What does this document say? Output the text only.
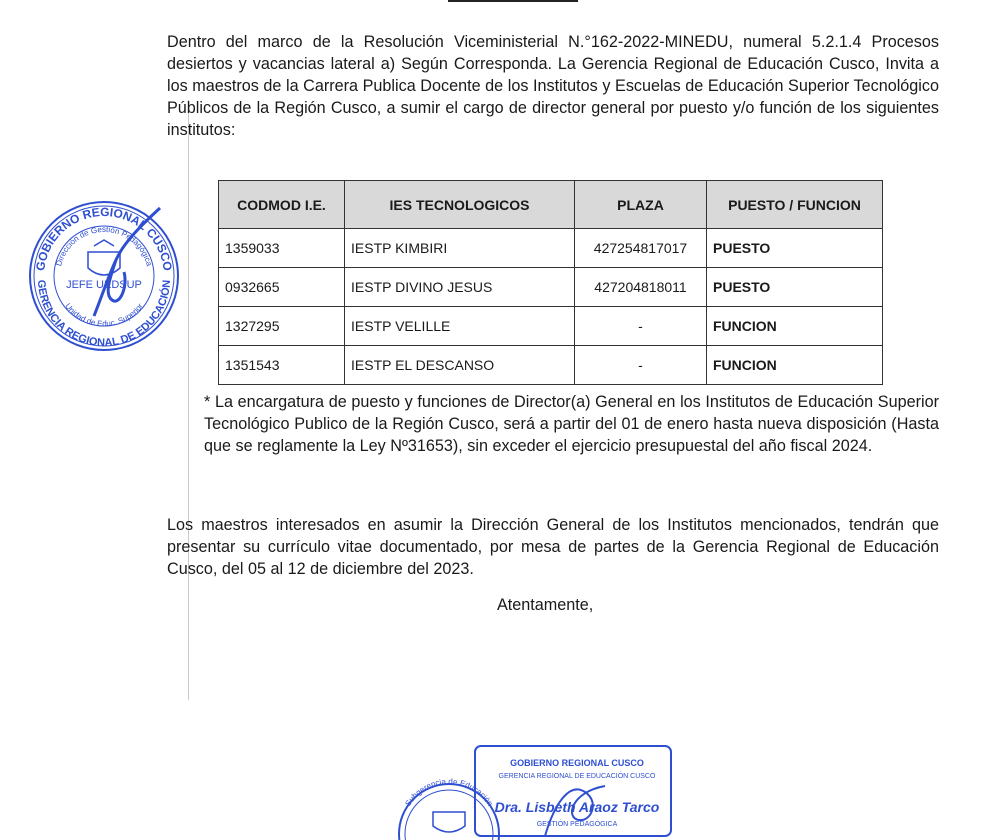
Dentro del marco de la Resolución Viceministerial N.°162-2022-MINEDU, numeral 5.2.1.4 Procesos desiertos y vacancias lateral a) Según Corresponda. La Gerencia Regional de Educación Cusco, Invita a los maestros de la Carrera Publica Docente de los Institutos y Escuelas de Educación Superior Tecnológico Públicos de la Región Cusco, a sumir el cargo de director general por puesto y/o función de los siguientes institutos:

CODMOD I.E.	IES TECNOLOGICOS	PLAZA	PUESTO / FUNCION
1359033	IESTP KIMBIRI	427254817017	PUESTO
0932665	IESTP DIVINO JESUS	427204818011	PUESTO
1327295	IESTP VELILLE	-	FUNCION
1351543	IESTP EL DESCANSO	-	FUNCION

* La encargatura de puesto y funciones de Director(a) General en los Institutos de Educación Superior Tecnológico Publico de la Región Cusco, será a partir del 01 de enero hasta nueva disposición (Hasta que se reglamente la Ley Nº31653), sin exceder el ejercicio presupuestal del año fiscal 2024.

Los maestros interesados en asumir la Dirección General de los Institutos mencionados, tendrán que presentar su currículo vitae documentado, por mesa de partes de la Gerencia Regional de Educación Cusco, del 05 al 12 de diciembre del 2023.

Atentamente,

GOBIERNO REGIONAL CUSCO
Dirección de Gestión Pedagógica
JEFE UEDSUP
Unidad de Educ. Superior
GERENCIA REGIONAL DE EDUCACIÓN
Subgerencia de Educación
GOBIERNO REGIONAL CUSCO
GERENCIA REGIONAL DE EDUCACIÓN CUSCO
Dra. Lisbeth Araoz Tarco
GESTIÓN PEDAGÓGICA
